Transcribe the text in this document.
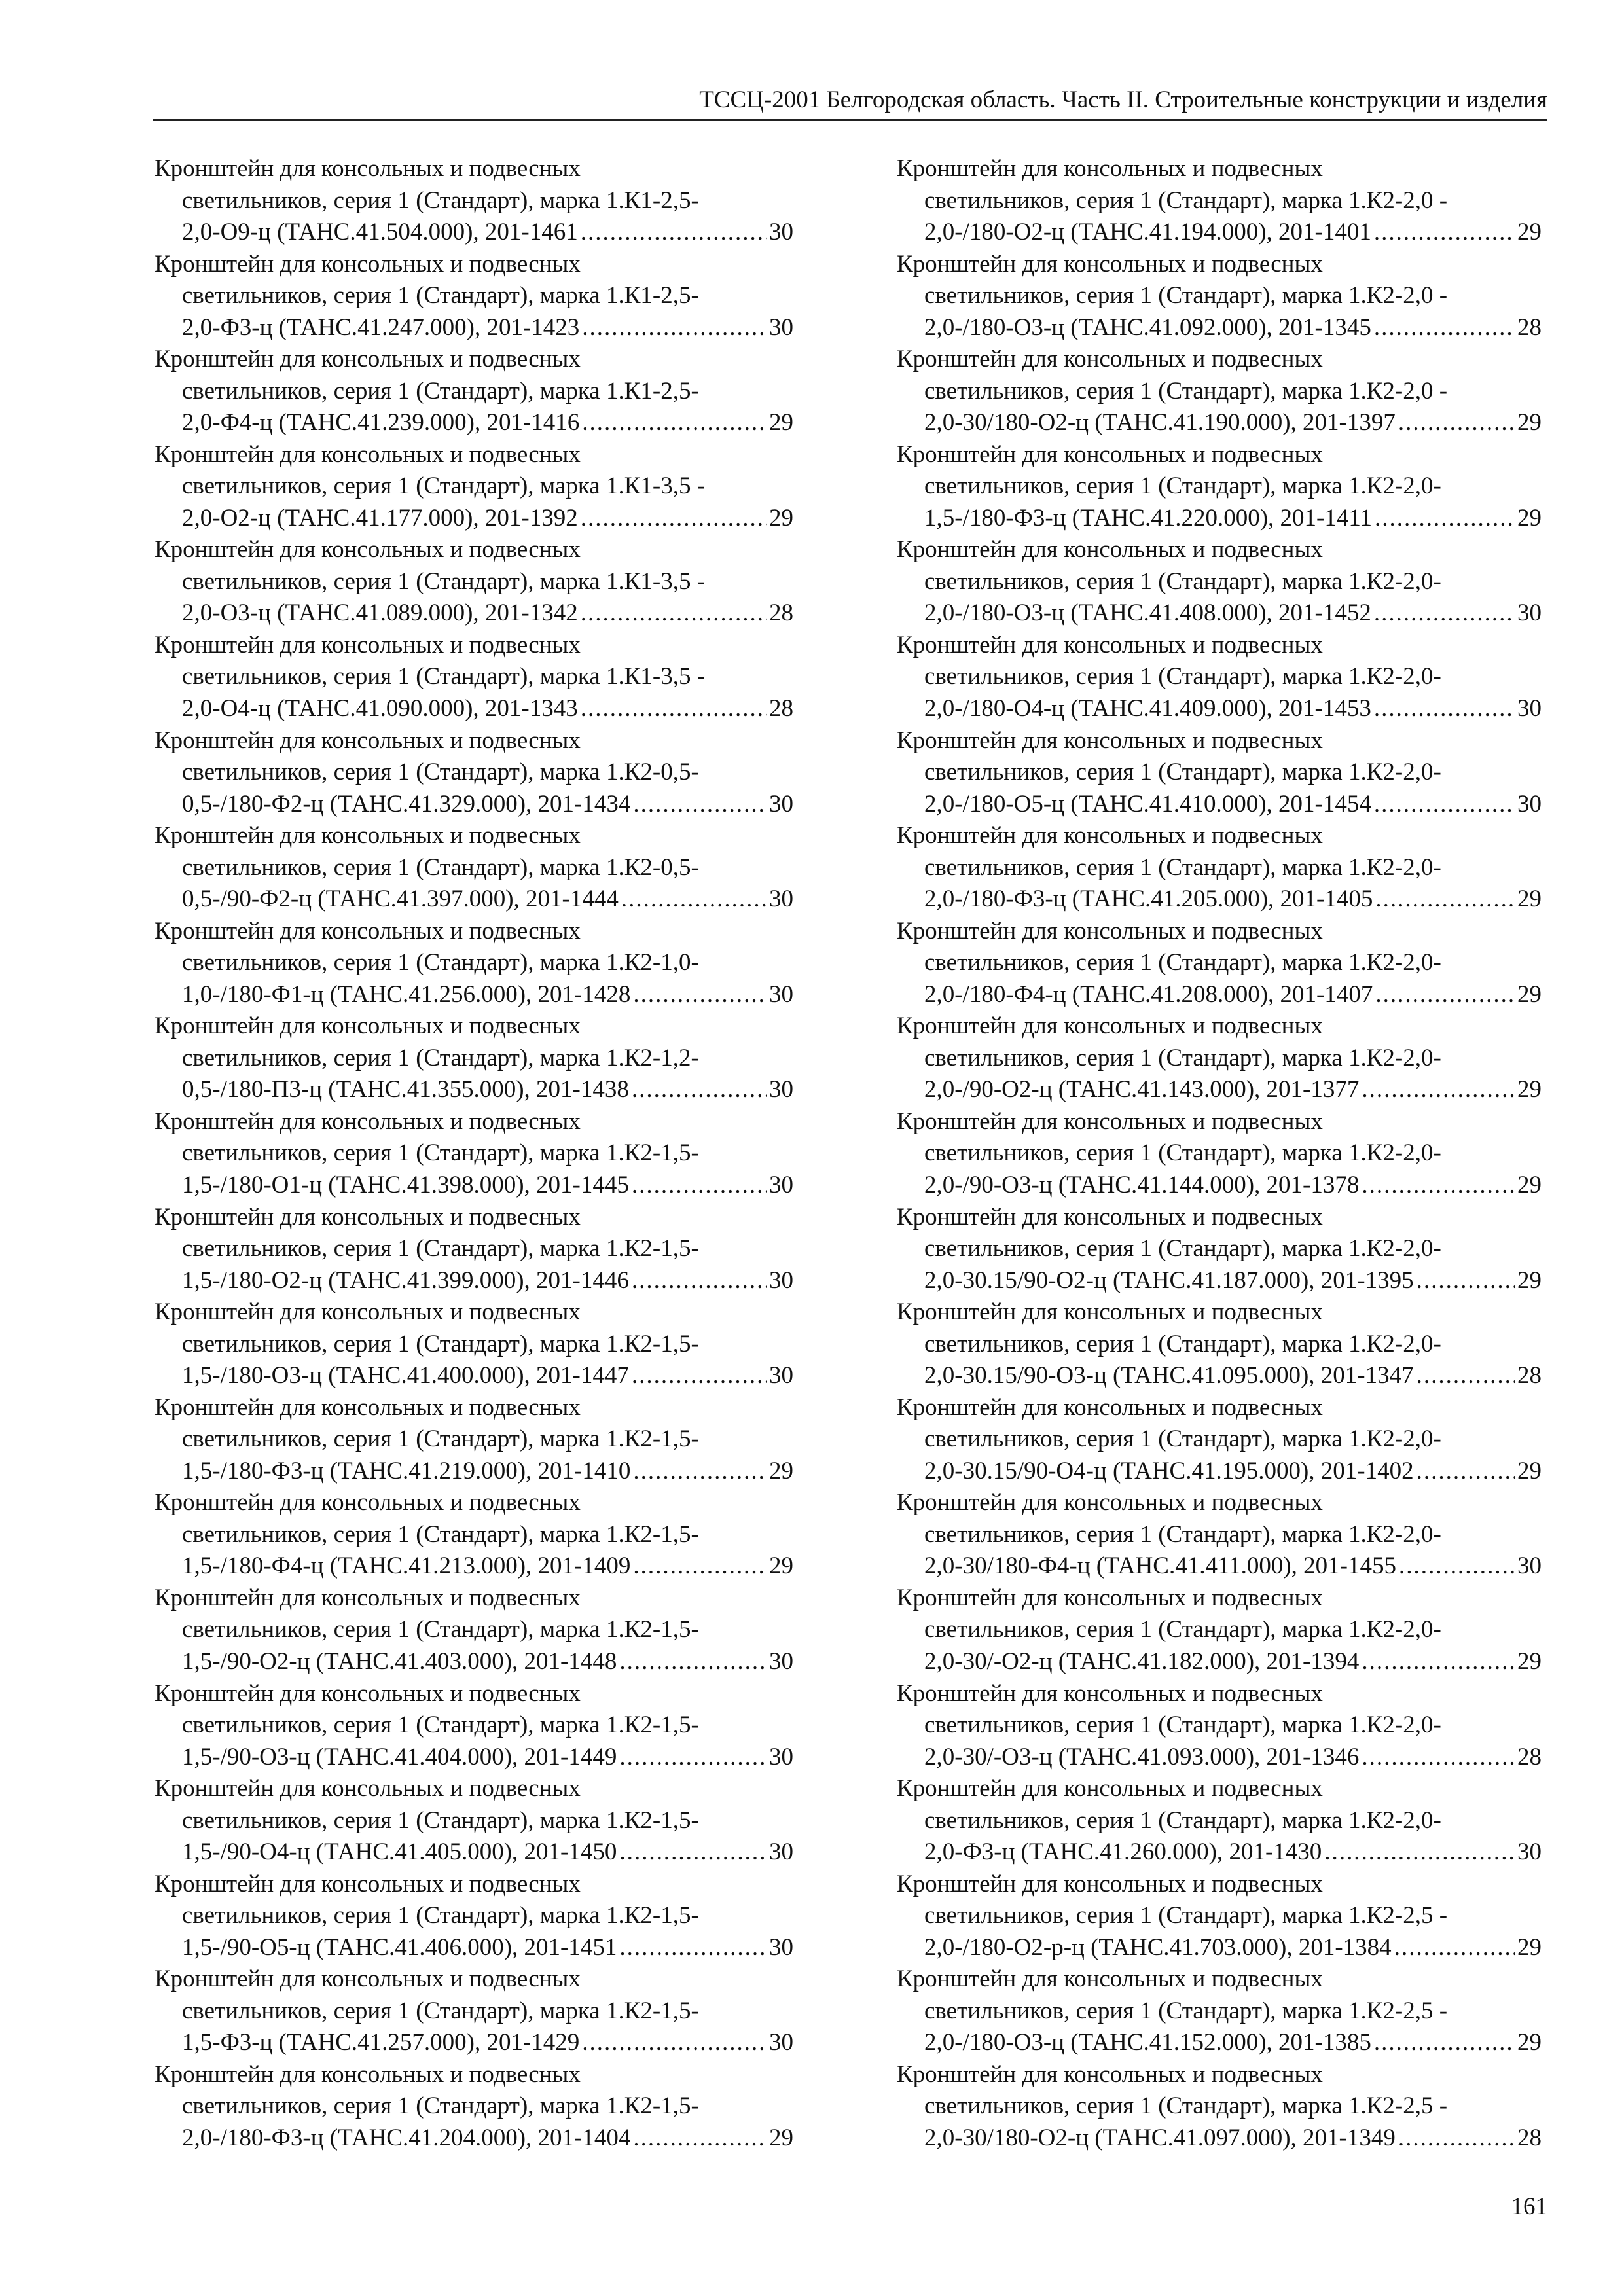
ТССЦ-2001 Белгородская область. Часть II. Строительные конструкции и изделия
Кронштейн для консольных и подвесных
светильников, серия 1 (Стандарт), марка 1.К1-2,5-
2,0-О9-ц (ТАНС.41.504.000), 201-1461 .....	30
Кронштейн для консольных и подвесных
светильников, серия 1 (Стандарт), марка 1.К1-2,5-
2,0-Ф3-ц (ТАНС.41.247.000), 201-1423 .....	30
Кронштейн для консольных и подвесных
светильников, серия 1 (Стандарт), марка 1.К1-2,5-
2,0-Ф4-ц (ТАНС.41.239.000), 201-1416 .....	29
Кронштейн для консольных и подвесных
светильников, серия 1 (Стандарт), марка 1.К1-3,5 -
2,0-О2-ц (ТАНС.41.177.000), 201-1392 .....	29
Кронштейн для консольных и подвесных
светильников, серия 1 (Стандарт), марка 1.К1-3,5 -
2,0-О3-ц (ТАНС.41.089.000), 201-1342 .....	28
Кронштейн для консольных и подвесных
светильников, серия 1 (Стандарт), марка 1.К1-3,5 -
2,0-О4-ц (ТАНС.41.090.000), 201-1343 .....	28
Кронштейн для консольных и подвесных
светильников, серия 1 (Стандарт), марка 1.К2-0,5-
0,5-/180-Ф2-ц (ТАНС.41.329.000), 201-1434 .....	30
Кронштейн для консольных и подвесных
светильников, серия 1 (Стандарт), марка 1.К2-0,5-
0,5-/90-Ф2-ц (ТАНС.41.397.000), 201-1444 .....	30
Кронштейн для консольных и подвесных
светильников, серия 1 (Стандарт), марка 1.К2-1,0-
1,0-/180-Ф1-ц (ТАНС.41.256.000), 201-1428 .....	30
Кронштейн для консольных и подвесных
светильников, серия 1 (Стандарт), марка 1.К2-1,2-
0,5-/180-П3-ц (ТАНС.41.355.000), 201-1438 .....	30
Кронштейн для консольных и подвесных
светильников, серия 1 (Стандарт), марка 1.К2-1,5-
1,5-/180-О1-ц (ТАНС.41.398.000), 201-1445 .....	30
Кронштейн для консольных и подвесных
светильников, серия 1 (Стандарт), марка 1.К2-1,5-
1,5-/180-О2-ц (ТАНС.41.399.000), 201-1446 .....	30
Кронштейн для консольных и подвесных
светильников, серия 1 (Стандарт), марка 1.К2-1,5-
1,5-/180-О3-ц (ТАНС.41.400.000), 201-1447 .....	30
Кронштейн для консольных и подвесных
светильников, серия 1 (Стандарт), марка 1.К2-1,5-
1,5-/180-Ф3-ц (ТАНС.41.219.000), 201-1410 .....	29
Кронштейн для консольных и подвесных
светильников, серия 1 (Стандарт), марка 1.К2-1,5-
1,5-/180-Ф4-ц (ТАНС.41.213.000), 201-1409 .....	29
Кронштейн для консольных и подвесных
светильников, серия 1 (Стандарт), марка 1.К2-1,5-
1,5-/90-О2-ц (ТАНС.41.403.000), 201-1448 .....	30
Кронштейн для консольных и подвесных
светильников, серия 1 (Стандарт), марка 1.К2-1,5-
1,5-/90-О3-ц (ТАНС.41.404.000), 201-1449 .....	30
Кронштейн для консольных и подвесных
светильников, серия 1 (Стандарт), марка 1.К2-1,5-
1,5-/90-О4-ц (ТАНС.41.405.000), 201-1450 .....	30
Кронштейн для консольных и подвесных
светильников, серия 1 (Стандарт), марка 1.К2-1,5-
1,5-/90-О5-ц (ТАНС.41.406.000), 201-1451 .....	30
Кронштейн для консольных и подвесных
светильников, серия 1 (Стандарт), марка 1.К2-1,5-
1,5-Ф3-ц (ТАНС.41.257.000), 201-1429 .....	30
Кронштейн для консольных и подвесных
светильников, серия 1 (Стандарт), марка 1.К2-1,5-
2,0-/180-Ф3-ц (ТАНС.41.204.000), 201-1404 .....	29
Кронштейн для консольных и подвесных
светильников, серия 1 (Стандарт), марка 1.К2-2,0 -
2,0-/180-О2-ц (ТАНС.41.194.000), 201-1401 .....	29
Кронштейн для консольных и подвесных
светильников, серия 1 (Стандарт), марка 1.К2-2,0 -
2,0-/180-О3-ц (ТАНС.41.092.000), 201-1345 .....	28
Кронштейн для консольных и подвесных
светильников, серия 1 (Стандарт), марка 1.К2-2,0 -
2,0-30/180-О2-ц (ТАНС.41.190.000), 201-1397 .....	29
Кронштейн для консольных и подвесных
светильников, серия 1 (Стандарт), марка 1.К2-2,0-
1,5-/180-Ф3-ц (ТАНС.41.220.000), 201-1411 .....	29
Кронштейн для консольных и подвесных
светильников, серия 1 (Стандарт), марка 1.К2-2,0-
2,0-/180-О3-ц (ТАНС.41.408.000), 201-1452 .....	30
Кронштейн для консольных и подвесных
светильников, серия 1 (Стандарт), марка 1.К2-2,0-
2,0-/180-О4-ц (ТАНС.41.409.000), 201-1453 .....	30
Кронштейн для консольных и подвесных
светильников, серия 1 (Стандарт), марка 1.К2-2,0-
2,0-/180-О5-ц (ТАНС.41.410.000), 201-1454 .....	30
Кронштейн для консольных и подвесных
светильников, серия 1 (Стандарт), марка 1.К2-2,0-
2,0-/180-Ф3-ц (ТАНС.41.205.000), 201-1405 .....	29
Кронштейн для консольных и подвесных
светильников, серия 1 (Стандарт), марка 1.К2-2,0-
2,0-/180-Ф4-ц (ТАНС.41.208.000), 201-1407 .....	29
Кронштейн для консольных и подвесных
светильников, серия 1 (Стандарт), марка 1.К2-2,0-
2,0-/90-О2-ц (ТАНС.41.143.000), 201-1377 .....	29
Кронштейн для консольных и подвесных
светильников, серия 1 (Стандарт), марка 1.К2-2,0-
2,0-/90-О3-ц (ТАНС.41.144.000), 201-1378 .....	29
Кронштейн для консольных и подвесных
светильников, серия 1 (Стандарт), марка 1.К2-2,0-
2,0-30.15/90-О2-ц (ТАНС.41.187.000), 201-1395 .....	29
Кронштейн для консольных и подвесных
светильников, серия 1 (Стандарт), марка 1.К2-2,0-
2,0-30.15/90-О3-ц (ТАНС.41.095.000), 201-1347 .....	28
Кронштейн для консольных и подвесных
светильников, серия 1 (Стандарт), марка 1.К2-2,0-
2,0-30.15/90-О4-ц (ТАНС.41.195.000), 201-1402 .....	29
Кронштейн для консольных и подвесных
светильников, серия 1 (Стандарт), марка 1.К2-2,0-
2,0-30/180-Ф4-ц (ТАНС.41.411.000), 201-1455 .....	30
Кронштейн для консольных и подвесных
светильников, серия 1 (Стандарт), марка 1.К2-2,0-
2,0-30/-О2-ц (ТАНС.41.182.000), 201-1394 .....	29
Кронштейн для консольных и подвесных
светильников, серия 1 (Стандарт), марка 1.К2-2,0-
2,0-30/-О3-ц (ТАНС.41.093.000), 201-1346 .....	28
Кронштейн для консольных и подвесных
светильников, серия 1 (Стандарт), марка 1.К2-2,0-
2,0-Ф3-ц (ТАНС.41.260.000), 201-1430 .....	30
Кронштейн для консольных и подвесных
светильников, серия 1 (Стандарт), марка 1.К2-2,5 -
2,0-/180-О2-р-ц (ТАНС.41.703.000), 201-1384 .....	29
Кронштейн для консольных и подвесных
светильников, серия 1 (Стандарт), марка 1.К2-2,5 -
2,0-/180-О3-ц (ТАНС.41.152.000), 201-1385 .....	29
Кронштейн для консольных и подвесных
светильников, серия 1 (Стандарт), марка 1.К2-2,5 -
2,0-30/180-О2-ц (ТАНС.41.097.000), 201-1349 .....	28
161
